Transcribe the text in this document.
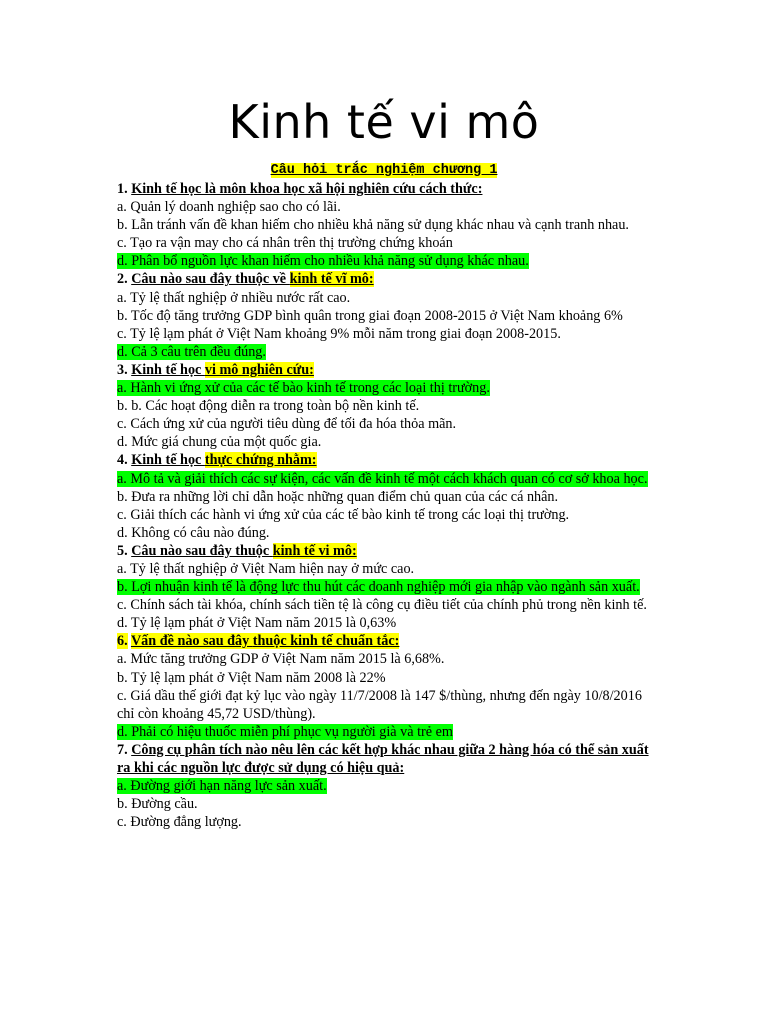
Kinh tế vi mô
Câu hỏi trắc nghiệm chương 1
1. Kinh tế học là môn khoa học xã hội nghiên cứu cách thức:
a. Quản lý doanh nghiệp sao cho có lãi.
b. Lẫn tránh vấn đề khan hiếm cho nhiều khả năng sử dụng khác nhau và cạnh tranh nhau.
c. Tạo ra vận may cho cá nhân trên thị trường chứng khoán
d. Phân bổ nguồn lực khan hiếm cho nhiều khả năng sử dụng khác nhau.
2. Câu nào sau đây thuộc về kinh tế vĩ mô:
a. Tỷ lệ thất nghiệp ở nhiều nước rất cao.
b. Tốc độ tăng trưởng GDP bình quân trong giai đoạn 2008-2015 ở Việt Nam khoảng 6%
c. Tỷ lệ lạm phát ở Việt Nam khoảng 9% mỗi năm trong giai đoạn 2008-2015.
d. Cả 3 câu trên đều đúng.
3. Kinh tế học vi mô nghiên cứu:
a. Hành vi ứng xử của các tế bào kinh tế trong các loại thị trường.
b. b. Các hoạt động diễn ra trong toàn bộ nền kinh tế.
c. Cách ứng xử của người tiêu dùng để tối đa hóa thỏa mãn.
d. Mức giá chung của một quốc gia.
4. Kinh tế học thực chứng nhằm:
a. Mô tả và giải thích các sự kiện, các vấn đề kinh tế một cách khách quan có cơ sở khoa học.
b. Đưa ra những lời chỉ dẫn hoặc những quan điểm chủ quan của các cá nhân.
c. Giải thích các hành vi ứng xử của các tế bào kinh tế trong các loại thị trường.
d. Không có câu nào đúng.
5. Câu nào sau đây thuộc kinh tế vi mô:
a. Tỷ lệ thất nghiệp ở Việt Nam hiện nay ở mức cao.
b. Lợi nhuận kinh tế là động lực thu hút các doanh nghiệp mới gia nhập vào ngành sản xuất.
c. Chính sách tài khóa, chính sách tiền tệ là công cụ điều tiết của chính phủ trong nền kinh tế.
d. Tỷ lệ lạm phát ở Việt Nam năm 2015 là 0,63%
6. Vấn đề nào sau đây thuộc kinh tế chuẩn tắc:
a. Mức tăng trưởng GDP ở Việt Nam năm 2015 là 6,68%.
b. Tỷ lệ lạm phát ở Việt Nam năm 2008 là 22%
c. Giá dầu thế giới đạt kỷ lục vào ngày 11/7/2008 là 147 $/thùng, nhưng đến ngày 10/8/2016 chỉ còn khoảng 45,72 USD/thùng).
d. Phải có hiệu thuốc miễn phí phục vụ người già và trẻ em
7. Công cụ phân tích nào nêu lên các kết hợp khác nhau giữa 2 hàng hóa có thể sản xuất ra khi các nguồn lực được sử dụng có hiệu quả:
a. Đường giới hạn năng lực sản xuất.
b. Đường cầu.
c. Đường đẳng lượng.
